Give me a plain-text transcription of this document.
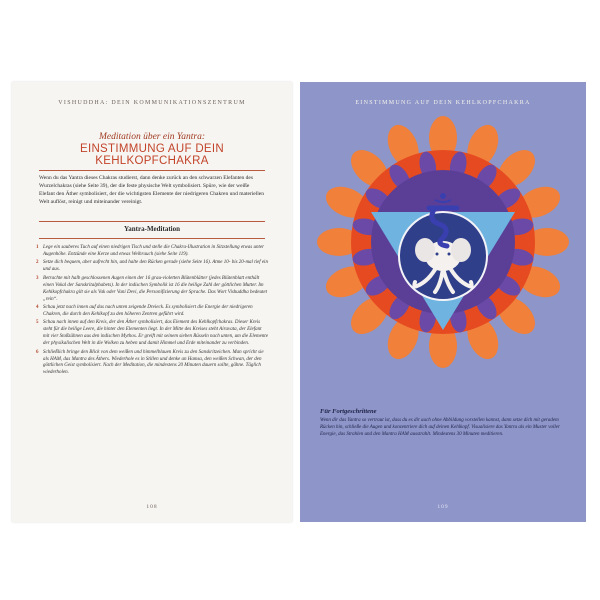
VISHUDDHA: DEIN KOMMUNIKATIONSZENTRUM
Meditation über ein Yantra:
EINSTIMMUNG AUF DEIN
KEHLKOPFCHAKRA
Wenn du das Yantra dieses Chakras studierst, dann denke zurück an den schwarzen Elefanten des Wurzelchakras (siehe Seite 39), der die feste physische Welt symbolisiert. Spüre, wie der weiße Elefant den Äther symbolisiert, der die wichtigsten Elemente der niedrigeren Chakren und materiellen Welt auflöst, reinigt und miteinander vereinigt.
Yantra-Meditation
1 Lege ein sauberes Tuch auf einen niedrigen Tisch und stelle die Chakra-Illustration in Sitzstellung etwas unter Augenhöhe. Entzünde eine Kerze und etwas Weihrauch (siehe Seite 119).
2 Setze dich bequem, aber aufrecht hin, und halte den Rücken gerade (siehe Seite 16). Atme 10- bis 20-mal tief ein und aus.
3 Betrachte mit halb geschlossenen Augen einen der 16 grau-violetten Blütenblätter (jedes Blütenblatt enthält einen Vokal der Sanskritalphabets). In der indischen Symbolik ist 16 die heilige Zahl der göttlichen Mutter. Im Kehlkopfchakra gilt sie als Vak oder Vani Devi, die Personifizierung der Sprache. Das Wort Vishuddha bedeutet „rein“.
4 Schau jetzt nach innen auf das nach unten zeigende Dreieck. Es symbolisiert die Energie der niedrigeren Chakren, die durch den Kehlkopf zu den höheren Zentren geführt wird.
5 Schau nach innen auf den Kreis, der den Äther symbolisiert, das Element des Kehlkopfchakras. Dieser Kreis steht für die heilige Leere, die hinter den Elementen liegt. In der Mitte des Kreises steht Airavata, der Elefant mit vier Stoßzähnen aus den indischen Mythos. Er greift mit seinem sieben Rüsseln nach unten, um die Elemente der physikalischen Welt in die Wolken zu heben und damit Himmel und Erde miteinander zu verbinden.
6 Schließlich bringe den Blick von dem weißen und himmelblauen Kreis zu den Sanskritzeichen. Man spricht sie als HAM, das Mantra des Äthers. Wiederhole es in Stillen und denke an Hamsa, den weißen Schwan, der den göttlichen Geist symbolisiert. Nach der Meditation, die mindestens 20 Minuten dauern sollte, gähne. Täglich wiederholen.
108
EINSTIMMUNG AUF DEIN KEHLKOPFCHAKRA
Für Fortgeschrittene
Wenn dir das Yantra so vertraut ist, dass du es dir auch ohne Abbildung vorstellen kannst, dann setze dich mit geradem Rücken hin, schließe die Augen und konzentriere dich auf deinen Kehlkopf. Visualisiere das Yantra als ein Muster voller Energie, das Strahlen und den Mantra HAM ausstrahlt. Mindestens 30 Minuten meditieren.
109
